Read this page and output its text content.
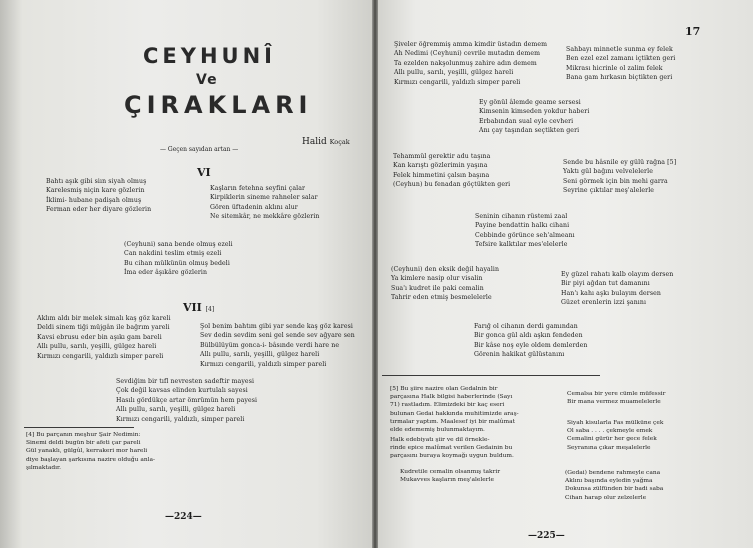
CEYHUNÎ
Ve
ÇIRAKLARI
Halid Koçak
— Geçen sayıdan artan —
VI
Bahtı aşık gibi siın siyah olmuş
Karelesmiş niçin kare gözlerin
İklimi- hubane padişah olmuş
Ferman eder her diyare gözlerin
Kaşların fetehna seyfini çalar
Kirpiklerin sineme rahneler salar
Gören üftadenin aklını alur
Ne sitemkâr, ne mekkâre gözlerin
(Ceyhuni) sana bende olmuş ezeli
Can nakdini teslim etmiş ezeli
Bu cihan mülkünün olmuş bedeli
İma eder âşıkâre gözlerin
VII [4]
Aklım aldı bir melek simalı kaş göz kareli
Deldi sinem tiği müjgân ile bağrım yareli
Kavsi ebrusu eder bin aşıkı gam bareli
Allı pullu, sarılı, yeşilli, gülgez hareli
Kırmızı cengarili, yaldızlı simper pareli
Şol benim bahtım gibi yar sende kaş göz karesi
Sev dedin sevdim seni gel sende sev ağyare sen
Bülbülüyüm gonca-i- bâsınde verdi hare ne
Allı pullu, sarılı, yeşilli, gülgez hareli
Kırmızı cengarili, yaldızlı simper pareli
Sevdiğim bir tıfl nevresten sadeftir mayesi
Çok değil kavsas elinden kurtulalı sayesi
Hasılı gördükçe artar ömrümün hem payesi
Allı pullu, sarılı, yeşilli, gülgez hareli
Kırmızı cengarili, yaldızlı, simper pareli
[4] Bu parçanın meşhur Şair Nedimin:
Sinemi deldi bugün bir afeti çar pareli
Gül yanaklı, gülgûl, kerrakeri mor hareli
diye başlayan şarkısına nazire olduğu anla-
şılmaktadır.
—224—
17
Şiveler öğremmiş amma kimdir üstadın demem
Ah Nedimi (Ceyhuni) cevrile mutadın demem
Ta ezelden nakşolunmuş zahire adın demem
Allı pullu, sarılı, yeşilli, gülgez hareli
Kırmızı cengarili, yaldızlı simper pareli
Sahbayı minnetle sunma ey felek
Ben ezel ezel zamanı içtikten geri
Mikrası hicrinle ol zalim felek
Bana gam hırkasın biçtikten geri
Ey gönül âlemde geame sersesi
Kimsenin kimseden yokdur haberi
Erbabından sual eyle cevheri
Anı çay taşından seçtikten geri
Tehammül gerektir adu taşına
Kan karıştı gözlerimin yaşına
Felek himmetini çalsın başına
(Ceyhun) bu fenadan göçtükten geri
Sende bu hâsnile ey gülü rağna [5]
Yaktı gül bağını velvelelerle
Seni görmek için bin mehi garra
Seyrine çıktılar meş'alelerle
Seninin cihanın rüstemi zaal
Payine bendattin halkı cihani
Cebbinde görünce seh'almeanı
Tefsire kalktılar mes'elelerle
(Ceyhuni) den eksik değil hayalin
Ya kimlere nasip olur visalin
Sua'ı kudret ile paki cemalin
Tahrir eden etmiş besmelelerle
Ey güzel rahatı kalb olayım dersen
Bir piyi ağdan tut damanını
Han'ı kahı aşkı bulayım dersen
Güzet erenlerin izzi şanını
Farığ ol cihanın derdi gamından
Bir gonca gül aldı aşkın fendeden
Bir kâse noş eyle oldem demlerden
Görenin hakikat gülüstanını
[5] Bu şiire nazire olan Gedalnin bir
parçasına Halk bilgisi haberlerinde (Sayı
71) rastladım. Elimizdeki bir kaç eseri
bulunan Gedai hakkında muhitimizde araş-
tırmalar yaptım. Maalesef iyi bir malûmat
elde edememiş bulunmaktayım.
Halk edebiyatı şiir ve dil örnekle-
rinde epice malûmat verilen Gedainin bu
parçasını buraya koymağı uygun buldum.
Kudretile cemalin olsanmış takrir
Mukavves kaşların meş'alelerle
Cemalsa bir yere cümle müfessir
Bir mana vermez muamelelerle
Siyah kisularla Fas mülküne çek
Ol saba . . . . çekmeyle emek
Cemalini gürür her gece felek
Seyranına çıkar meşalelerle
(Gedai) bendene rahmeyle cana
Aklını başında eyledin yağma
Dokunsa zülfünden bir badi saba
Cihan harap olur zelzelerle
—225—
